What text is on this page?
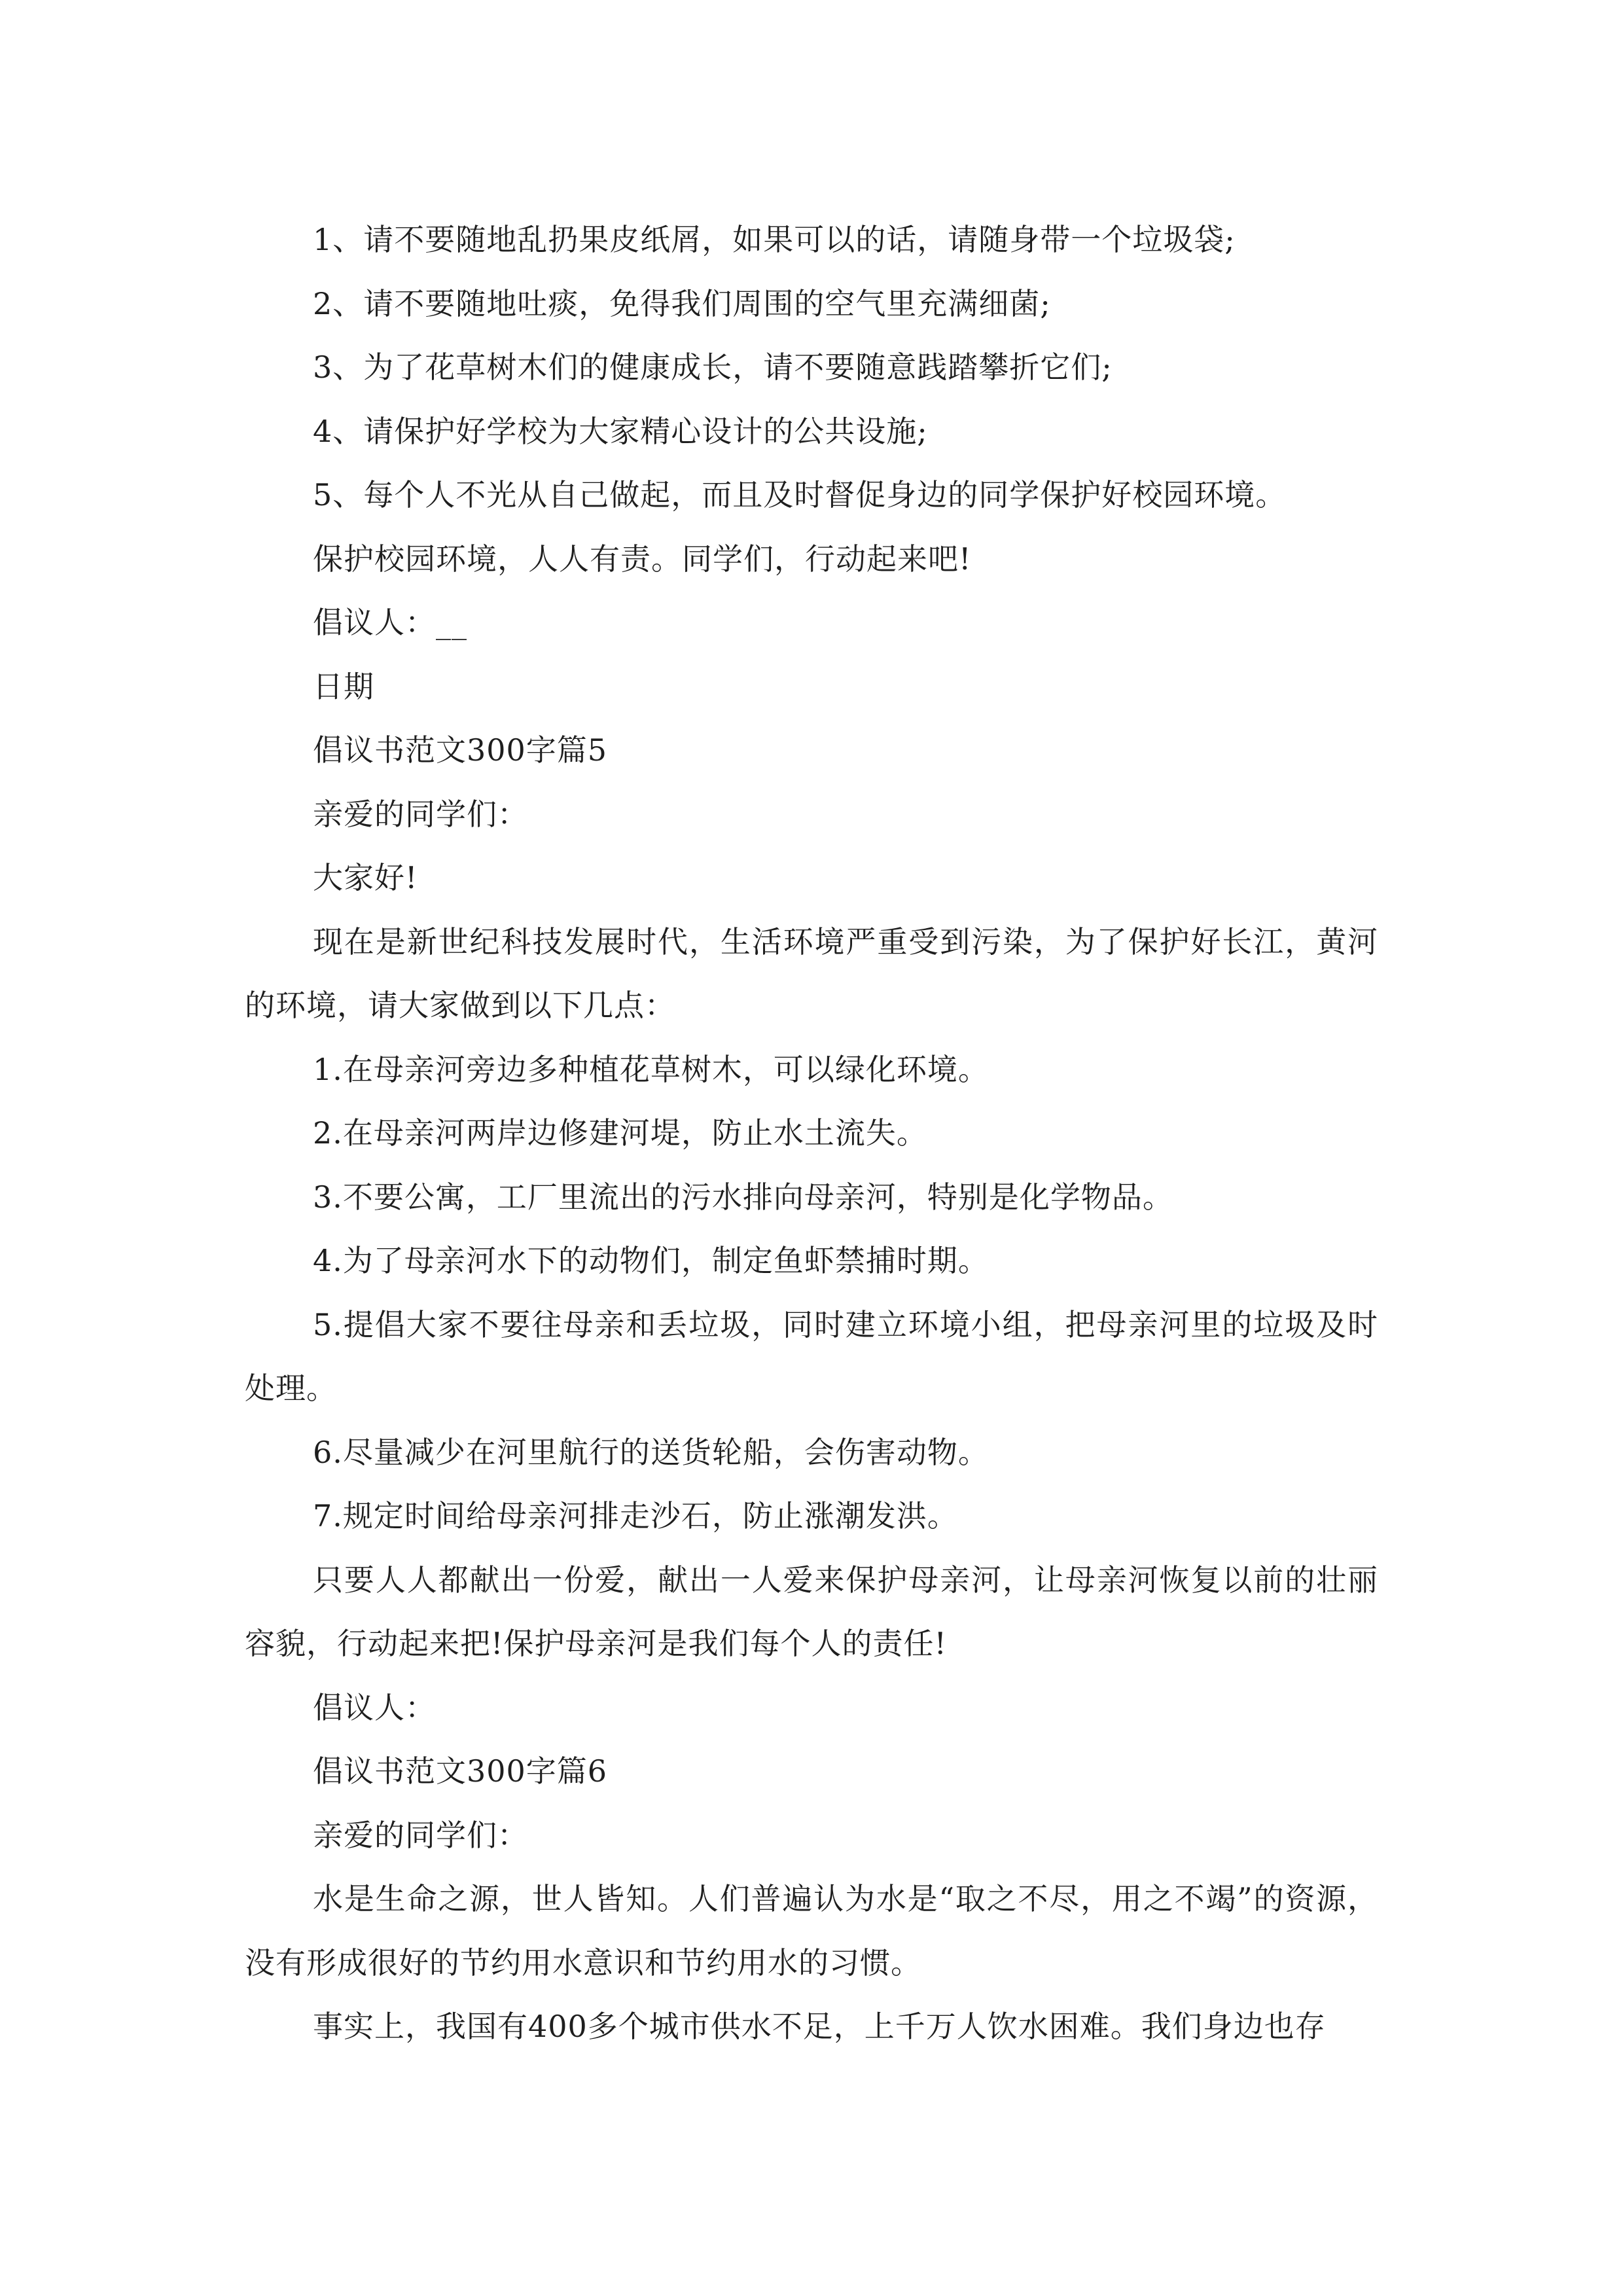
1、请不要随地乱扔果皮纸屑，如果可以的话，请随身带一个垃圾袋;

2、请不要随地吐痰，免得我们周围的空气里充满细菌;

3、为了花草树木们的健康成长，请不要随意践踏攀折它们;

4、请保护好学校为大家精心设计的公共设施;

5、每个人不光从自己做起，而且及时督促身边的同学保护好校园环境。

保护校园环境，人人有责。同学们，行动起来吧!

倡议人：__

日期

倡议书范文300字篇5

亲爱的同学们：

大家好!

现在是新世纪科技发展时代，生活环境严重受到污染，为了保护好长江，黄河的环境，请大家做到以下几点：

1.在母亲河旁边多种植花草树木，可以绿化环境。

2.在母亲河两岸边修建河堤，防止水土流失。

3.不要公寓，工厂里流出的污水排向母亲河，特别是化学物品。

4.为了母亲河水下的动物们，制定鱼虾禁捕时期。

5.提倡大家不要往母亲和丢垃圾，同时建立环境小组，把母亲河里的垃圾及时处理。

6.尽量减少在河里航行的送货轮船，会伤害动物。

7.规定时间给母亲河排走沙石，防止涨潮发洪。

只要人人都献出一份爱，献出一人爱来保护母亲河，让母亲河恢复以前的壮丽容貌，行动起来把!保护母亲河是我们每个人的责任!

倡议人：

倡议书范文300字篇6

亲爱的同学们：

水是生命之源，世人皆知。人们普遍认为水是“取之不尽，用之不竭”的资源，没有形成很好的节约用水意识和节约用水的习惯。

事实上，我国有400多个城市供水不足，上千万人饮水困难。我们身边也存
